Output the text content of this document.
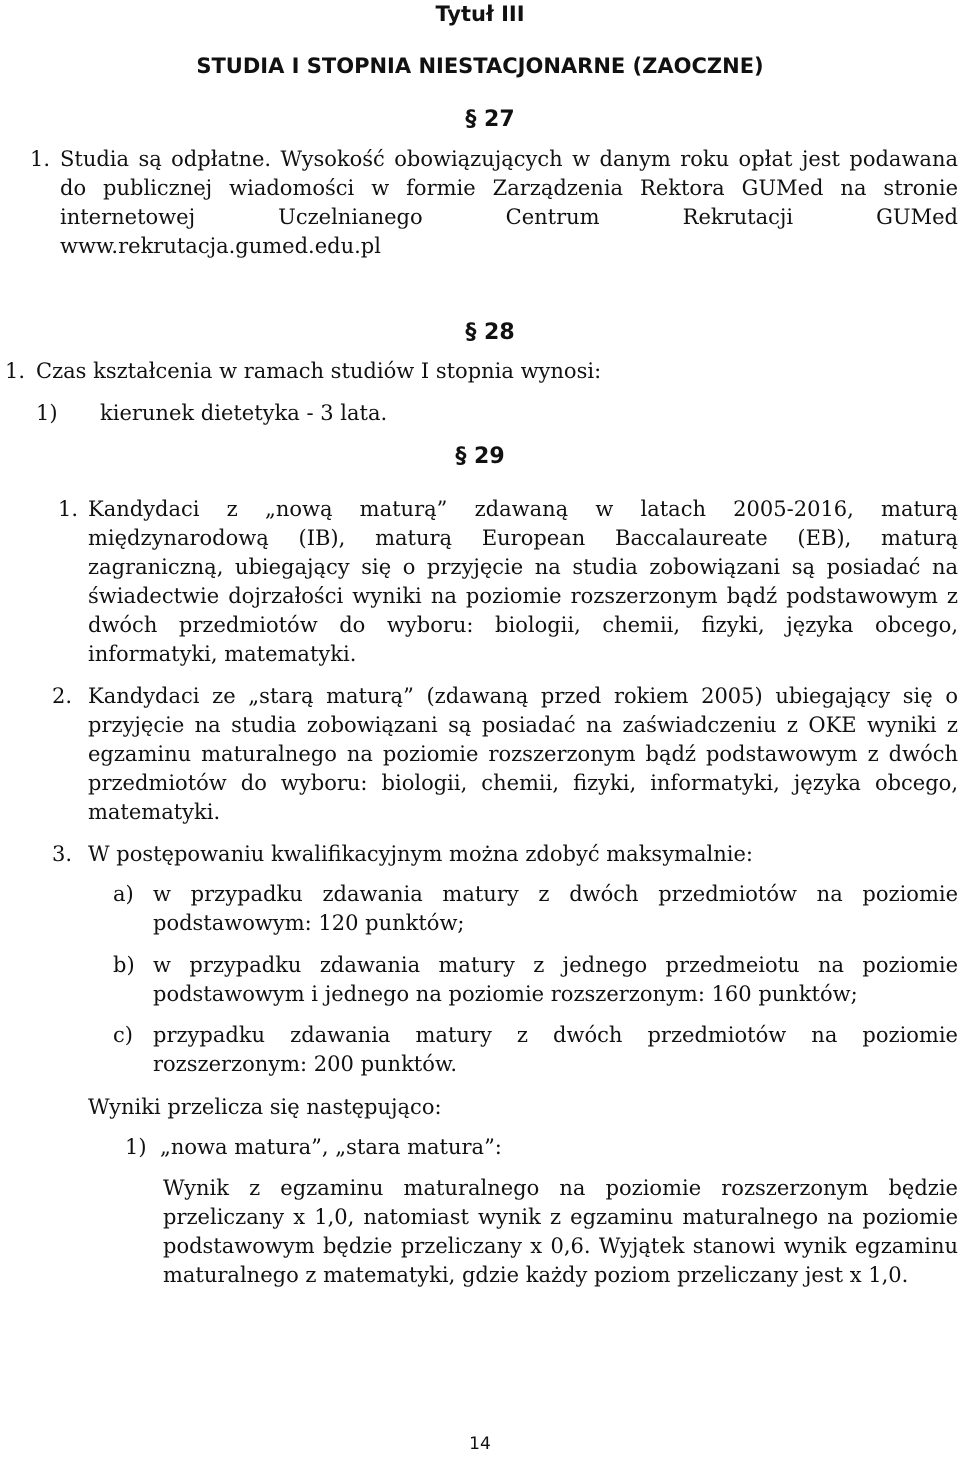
Tytuł III
STUDIA I STOPNIA NIESTACJONARNE (ZAOCZNE)
§ 27
1. Studia są odpłatne. Wysokość obowiązujących w danym roku opłat jest podawana do publicznej wiadomości w formie Zarządzenia Rektora GUMed na stronie internetowej Uczelnianego Centrum Rekrutacji GUMed www.rekrutacja.gumed.edu.pl

§ 28
1. Czas kształcenia w ramach studiów I stopnia wynosi:
1) kierunek dietetyka - 3 lata.
§ 29
1. Kandydaci z „nową maturą” zdawaną w latach 2005-2016, maturą międzynarodową (IB), maturą European Baccalaureate (EB), maturą zagraniczną, ubiegający się o przyjęcie na studia zobowiązani są posiadać na świadectwie dojrzałości wyniki na poziomie rozszerzonym bądź podstawowym z dwóch przedmiotów do wyboru: biologii, chemii, fizyki, języka obcego, informatyki, matematyki.

2. Kandydaci ze „starą maturą” (zdawaną przed rokiem 2005) ubiegający się o przyjęcie na studia zobowiązani są posiadać na zaświadczeniu z OKE wyniki z egzaminu maturalnego na poziomie rozszerzonym bądź podstawowym z dwóch przedmiotów do wyboru: biologii, chemii, fizyki, informatyki, języka obcego, matematyki.

3. W postępowaniu kwalifikacyjnym można zdobyć maksymalnie:
a) w przypadku zdawania matury z dwóch przedmiotów na poziomie podstawowym: 120 punktów;

b) w przypadku zdawania matury z jednego przedmeiotu na poziomie podstawowym i jednego na poziomie rozszerzonym: 160 punktów;

c) przypadku zdawania matury z dwóch przedmiotów na poziomie rozszerzonym: 200 punktów.

Wyniki przelicza się następująco:
1) „nowa matura”, „stara matura”:

Wynik z egzaminu maturalnego na poziomie rozszerzonym będzie przeliczany x 1,0, natomiast wynik z egzaminu maturalnego na poziomie podstawowym będzie przeliczany x 0,6. Wyjątek stanowi wynik egzaminu maturalnego z matematyki, gdzie każdy poziom przeliczany jest x 1,0.

14
